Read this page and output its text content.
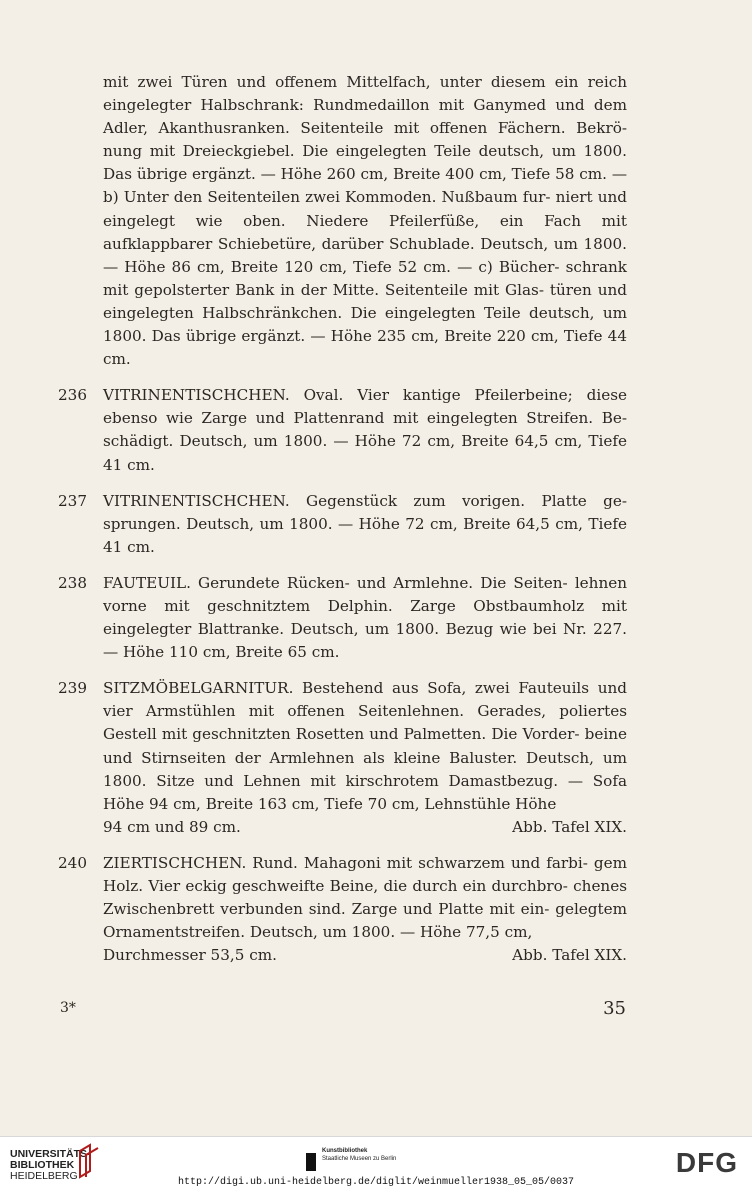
mit zwei Türen und offenem Mittelfach, unter diesem ein reich eingelegter Halbschrank: Rundmedaillon mit Ganymed und dem Adler, Akanthusranken. Seitenteile mit offenen Fächern. Bekrö- nung mit Dreieckgiebel. Die eingelegten Teile deutsch, um 1800. Das übrige ergänzt. — Höhe 260 cm, Breite 400 cm, Tiefe 58 cm. — b) Unter den Seitenteilen zwei Kommoden. Nußbaum fur- niert und eingelegt wie oben. Niedere Pfeilerfüße, ein Fach mit aufklappbarer Schiebetüre, darüber Schublade. Deutsch, um 1800. — Höhe 86 cm, Breite 120 cm, Tiefe 52 cm. — c) Bücher- schrank mit gepolsterter Bank in der Mitte. Seitenteile mit Glas- türen und eingelegten Halbschränkchen. Die eingelegten Teile deutsch, um 1800. Das übrige ergänzt. — Höhe 235 cm, Breite 220 cm, Tiefe 44 cm.

236	VITRINENTISCHCHEN. Oval. Vier kantige Pfeilerbeine; diese ebenso wie Zarge und Plattenrand mit eingelegten Streifen. Be- schädigt. Deutsch, um 1800. — Höhe 72 cm, Breite 64,5 cm, Tiefe 41 cm.

237	VITRINENTISCHCHEN. Gegenstück zum vorigen. Platte ge- sprungen. Deutsch, um 1800. — Höhe 72 cm, Breite 64,5 cm, Tiefe 41 cm.

238	FAUTEUIL. Gerundete Rücken- und Armlehne. Die Seiten- lehnen vorne mit geschnitztem Delphin. Zarge Obstbaumholz mit eingelegter Blattranke. Deutsch, um 1800. Bezug wie bei Nr. 227. — Höhe 110 cm, Breite 65 cm.

239	SITZMÖBELGARNITUR. Bestehend aus Sofa, zwei Fauteuils und vier Armstühlen mit offenen Seitenlehnen. Gerades, poliertes Gestell mit geschnitzten Rosetten und Palmetten. Die Vorder- beine und Stirnseiten der Armlehnen als kleine Baluster. Deutsch, um 1800. Sitze und Lehnen mit kirschrotem Damastbezug. — Sofa Höhe 94 cm, Breite 163 cm, Tiefe 70 cm, Lehnstühle Höhe

94 cm und 89 cm.	Abb. Tafel XIX.
240	ZIERTISCHCHEN. Rund. Mahagoni mit schwarzem und farbi- gem Holz. Vier eckig geschweifte Beine, die durch ein durchbro- chenes Zwischenbrett verbunden sind. Zarge und Platte mit ein- gelegtem Ornamentstreifen. Deutsch, um 1800. — Höhe 77,5 cm,

Durchmesser 53,5 cm.	Abb. Tafel XIX.
3*	35
UNIVERSITÄTS-
BIBLIOTHEK
HEIDELBERG
Kunstbibliothek
Staatliche Museen zu Berlin	DFG
http://digi.ub.uni-heidelberg.de/diglit/weinmueller1938_05_05/0037
